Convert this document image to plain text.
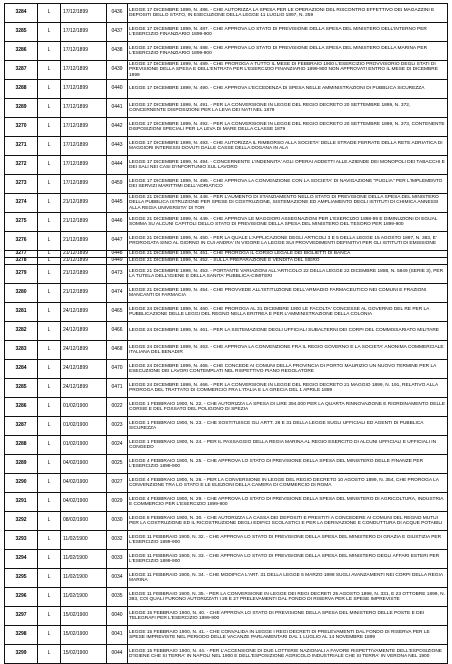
3284	L	17/12/1899	0436	LEGGE 17 DICEMBRE 1899, N. 486. - CHE AUTORIZZA LA SPESA PER LE OPERAZIONI DEL RISCONTRO EFFETTIVO DEI MAGAZZINI E DEPOSITI DELLO STATO, IN ESECUZIONE DELLA LEGGE 11 LUGLIO 1897, N. 259
3285	L	17/12/1899	0437	LEGGE 17 DICEMBRE 1899, N. 487. - CHE APPROVA LO STATO DI PREVISIONE DELLA SPESA DEL MINISTERO DELL'INTERNO PER L'ESERCIZIO FINANZIARIO 1899-900
3286	L	17/12/1899	0438	LEGGE 17 DICEMBRE 1899, N. 488. - CHE APPROVA LO STATO DI PREVISIONE DELLA SPESA DEL MINISTERO DELLA MARINA PER L'ESERCIZIO FINANZIARIO 1899-900
3287	L	17/12/1899	0439	LEGGE 17 DICEMBRE 1899, N. 489. - CHE PROROGA A TUTTO IL MESE DI FEBBRAIO 1900 L'ESERCIZIO PROVVISORIO DEGLI STATI DI PREVISIONE DELLA SPESA E DELL'ENTRATA PER L'ESERCIZIO FINANZIARIO 1899-900 NON APPROVATI ENTRO IL MESE DI DICEMBRE 1899
3288	L	17/12/1899	0440	LEGGE 17 DICEMBRE 1899, N. 490. - CHE APPROVA L'ECCEDENZA DI SPESA NELLE AMMINISTRAZIONI DI PUBBLICA SICUREZZA
3289	L	17/12/1899	0441	LEGGE 17 DICEMBRE 1899, N. 491. - PER LA CONVERSIONE IN LEGGE DEL REGIO DECRETO 20 SETTEMBRE 1899, N. 372, CONCERNENTE DISPOSIZIONI PER LA LEVA DEI NATI NEL 1879
3270	L	17/12/1899	0442	LEGGE 17 DICEMBRE 1899, N. 492. - PER LA CONVERSIONE IN LEGGE DEL REGIO DECRETO 20 SETTEMBRE 1899, N. 373, CONTENENTE DISPOSIZIONI SPECIALI PER LA LEVA DI MARE DELLA CLASSE 1879
3271	L	17/12/1899	0443	LEGGE 17 DICEMBRE 1899, N. 493. - CHE AUTORIZZA IL RIMBORSO ALLA SOCIETA' DELLE STRADE FERRATE DELLA RETE ADRIATICA DI MAGGIORI INTERESSI DOVUTI DALLE CASSE DELLA DOGANA IN ALA
3272	L	17/12/1899	0444	LEGGE 17 DICEMBRE 1899, N. 494. - CONCERNENTE L'INDENNITA' AGLI OPERAI ADDETTI ALLE AZIENDE DEI MONOPOLI DEI TABACCHI E DEI SALI NEI CASI D'INFORTUNIO SUL LAVORO
3273	L	17/12/1899	0459	LEGGE 17 DICEMBRE 1899, N. 495. - CHE APPROVA LA CONVENZIONE CON LA SOCIETA' DI NAVIGAZIONE "PUGLIA" PER L'IMPLEMENTO DEI SERVIZI MARITTIMI DELL'ADRIATICO
3274	L	21/12/1899	0445	LEGGE 21 DICEMBRE 1899, N. 448. - PER L'AUMENTO DI STANZIAMENTO NELLO STATO DI PREVISIONE DELLA SPESA DEL MINISTERO DELLA PUBBLICA ISTRUZIONE PER SPESE DI COSTRUZIONE, SISTEMAZIONE ED AMPLIAMENTO DEGLI ISTITUTI DI CHIMICA ANNESSI ALLA REGIA UNIVERSITA' DI TOR
3275	L	21/12/1899	0446	LEGGE 21 DICEMBRE 1899, N. 449. - CHE APPROVA LE MAGGIORI ASSEGNAZIONI PER L'ESERCIZIO 1898-99 E DIMINUZIONI DI EGUAL SOMMA SU ALCUNI CAPITOLI DELLO STATO DI PREVISIONE DELLA SPESA DEL MINISTERO DEL TESORO PER 1899-900
3276	L	21/12/1899	0447	LEGGE 21 DICEMBRE 1899, N. 450. - PER LA QUALE L'APPLICAZIONE DEGLI ARTICOLI 3 E 5 DELLA LEGGE 15 AGOSTO 1897, N. 383, E' PROROGATA SINO AL GIORNO IN CUI ANDRA' IN VIGORE LA LEGGE SUI PROVVEDIMENTI DEFINITIVI PER GLI ISTITUTI DI EMISSIONE
3277	L	21/12/1899	0448	LEGGE 21 DICEMBRE 1899, N. 451. - CHE PROROGA IL CORSO LEGALE DEI BIGLIETTI DI BANCA
3278	L	21/12/1899	0449	LEGGE 21 DICEMBRE 1899, N. 452. - SULLA PREPARAZIONE E VENDITA DEL SIERO
3279	L	21/12/1899	0473	LEGGE 21 DICEMBRE 1899, N. 453. - PORTANTE VARIAZIONI ALL'ARTICOLO 22 DELLA LEGGE 22 DICEMBRE 1888, N. 5849 (SERIE 3), PER LA TUTELA DELL'IGIENE E DELLA SANITA' PUBBLICA-CIMITERI
3280	L	21/12/1899	0474	LEGGE 21 DICEMBRE 1899, N. 454. - CHE PROVVEDE ALL'ISTITUZIONE DELL'ARMADIO FARMACEUTICO NEI COMUNI E FRAZIONI MANCANTI DI FARMACIA
3281	L	24/12/1899	0465	LEGGE 24 DICEMBRE 1899, N. 460. - CHE PROROGA AL 31 DICEMBRE 1900 LE FACOLTA' CONCESSE AL GOVERNO DEL RE PER LA PUBBLICAZIONE DELLE LEGGI DEL REGNO NELLA ERITREA E PER L'AMMINISTRAZIONE DELLA COLONIA
3282	L	24/12/1899	0466	LEGGE 24 DICEMBRE 1899, N. 461. - PER LA SISTEMAZIONE DEGLI UFFICIALI SUBALTERNI DEI CORPI DEL COMMISSARIATO MILITARE
3283	L	24/12/1899	0468	LEGGE 24 DICEMBRE 1899, N. 463. - CHE APPROVA LA CONVENZIONE FRA IL REGIO GOVERNO E LA SOCIETA' ANONIMA COMMERCIALE ITALIANA DEL BENADIR
3284	L	24/12/1899	0470	LEGGE 24 DICEMBRE 1899, N. 465. - CHE CONCEDE AI COMUNI DELLA PROVINCIA DI PORTO MAURIZIO UN NUOVO TERMINE PER LA ESECUZIONE DEI LAVORI CONTEMPLATI NEL RISPETTIVO PIANO REGOLATORE
3285	L	24/12/1899	0471	LEGGE 24 DICEMBRE 1899, N. 466. - PER LA CONVERSIONE IN LEGGE DEL REGIO DECRETO 21 MAGGIO 1899, N. 191, RELATIVO ALLA PROROGA DEL TRATTATO DI COMMERCIO FRA L'ITALIA E LA GRECIA DEL 1 APRILE 1889
3286	L	01/02/1900	0022	LEGGE 1 FEBBRAIO 1900, N. 22. - CHE AUTORIZZA LA SPESA DI LIRE 394.000 PER LA QUARTA RINNOVAZIONE E RIORDINAMENTO DELLE CORSIE E DEL FOSSATO DEL POLIGONO DI SPEZIA
3287	L	01/02/1900	0023	LEGGE 1 FEBBRAIO 1900, N. 23. - CHE SOSTITUISCE GLI ARTT. 28 E 31 DELLA LEGGE SUGLI UFFICIALI ED AGENTI DI PUBBLICA SICUREZZA
3288	L	01/02/1900	0024	LEGGE 1 FEBBRAIO 1900, N. 24. - PER IL PASSAGGIO DELLA REGIA MARINA AL REGIO ESERCITO DI ALCUNI UFFICIALI E UFFICIALI IN CONGEDO
3289	L	04/02/1900	0025	LEGGE 4 FEBBRAIO 1900, N. 25. - CHE APPROVA LO STATO DI PREVISIONE DELLA SPESA DEL MINISTERO DELLE FINANZE PER L'ESERCIZIO 1899-900
3290	L	04/02/1900	0027	LEGGE 4 FEBBRAIO 1900, N. 26. - PER LA CONVERSIONE IN LEGGE DEL REGIO DECRETO 10 AGOSTO 1899, N. 354, CHE PROROGA LA CONVENZIONE TRA LO STATO E LE ELEZIONI DELLA CAMERA DI COMMERCIO DI ROMA
3291	L	04/02/1900	0029	LEGGE 4 FEBBRAIO 1900, N. 29. - CHE APPROVA LO STATO DI PREVISIONE DELLA SPESA DEL MINISTERO DI AGRICOLTURA, INDUSTRIA E COMMERCIO PER L'ESERCIZIO 1899-900
3292	L	08/02/1900	0030	LEGGE 8 FEBBRAIO 1900, N. 30. - CHE AUTORIZZA LA CASSA DEI DEPOSITI E PRESTITI A CONCEDERE AI COMUNI DEL REGNO MUTUI PER LA COSTRUZIONE ED IL RICOSTRUZIONE DEGLI EDIFICI SCOLASTICI E PER LA DERIVAZIONE E CONDUTTURA DI ACQUE POTABILI
3293	L	11/02/1900	0032	LEGGE 11 FEBBRAIO 1900, N. 32. - CHE APPROVA LO STATO DI PREVISIONE DELLA SPESA DEL MINISTERO DI GRAZIA E GIUSTIZIA PER L'ESERCIZIO 1899-900
3294	L	11/02/1900	0033	LEGGE 11 FEBBRAIO 1900, N. 33. - CHE APPROVA LO STATO DI PREVISIONE DELLA SPESA DEL MINISTERO DEGLI AFFARI ESTERI PER L'ESERCIZIO 1899-900
3295	L	11/02/1900	0034	LEGGE 11 FEBBRAIO 1900, N. 34. - CHE MODIFICA L'ART. 31 DELLA LEGGE 6 MARZO 1898 SUGLI AVANZAMENTI NEI CORPI DELLA REGIA MARINA
3296	L	11/02/1900	0035	LEGGE 11 FEBBRAIO 1900, N. 35. - PER LA CONVERSIONE IN LEGGE DEI REGI DECRETI 25 AGOSTO 1899, N. 331, E 23 OTTOBRE 1899, N. 393, COI QUALI FURONO AUTORIZZATI I 28 E 27 PRELEVAMENTI DAL FONDO DI RISERVA PER LE SPESE IMPREVISTE
3297	L	15/02/1900	0040	LEGGE 15 FEBBRAIO 1900, N. 40. - CHE APPROVA LO STATO DI PREVISIONE DELLA SPESA DEL MINISTERO DELLE POSTE E DEI TELEGRAFI PER L'ESERCIZIO 1899-900
3298	L	15/02/1900	0041	LEGGE 15 FEBBRAIO 1900, N. 41. - CHE CONVALIDA IN LEGGE I REGI DECRETI DI PRELEVAMENTI DAL FONDO DI RISERVA PER LE SPESE IMPREVISTE NEL PERIODO DELLE VACANZE PARLAMENTARI DAL 1 LUGLIO AL 14 NOVEMBRE 1899
3299	L	15/02/1900	0044	LEGGE 15 FEBBRAIO 1900, N. 44. - PER L'ACCENSIONE DI DUE LOTTERIE NAZIONALI A FAVORE RISPETTIVAMENTE DELL'ESPOSIZIONE D'IGIENE CHE SI TERRA' IN NAPOLI NEL 1900 E DELL'ESPOSIZIONE AGRICOLO INDUSTRIALE CHE SI TERRA' IN VERONA NEL 1900
